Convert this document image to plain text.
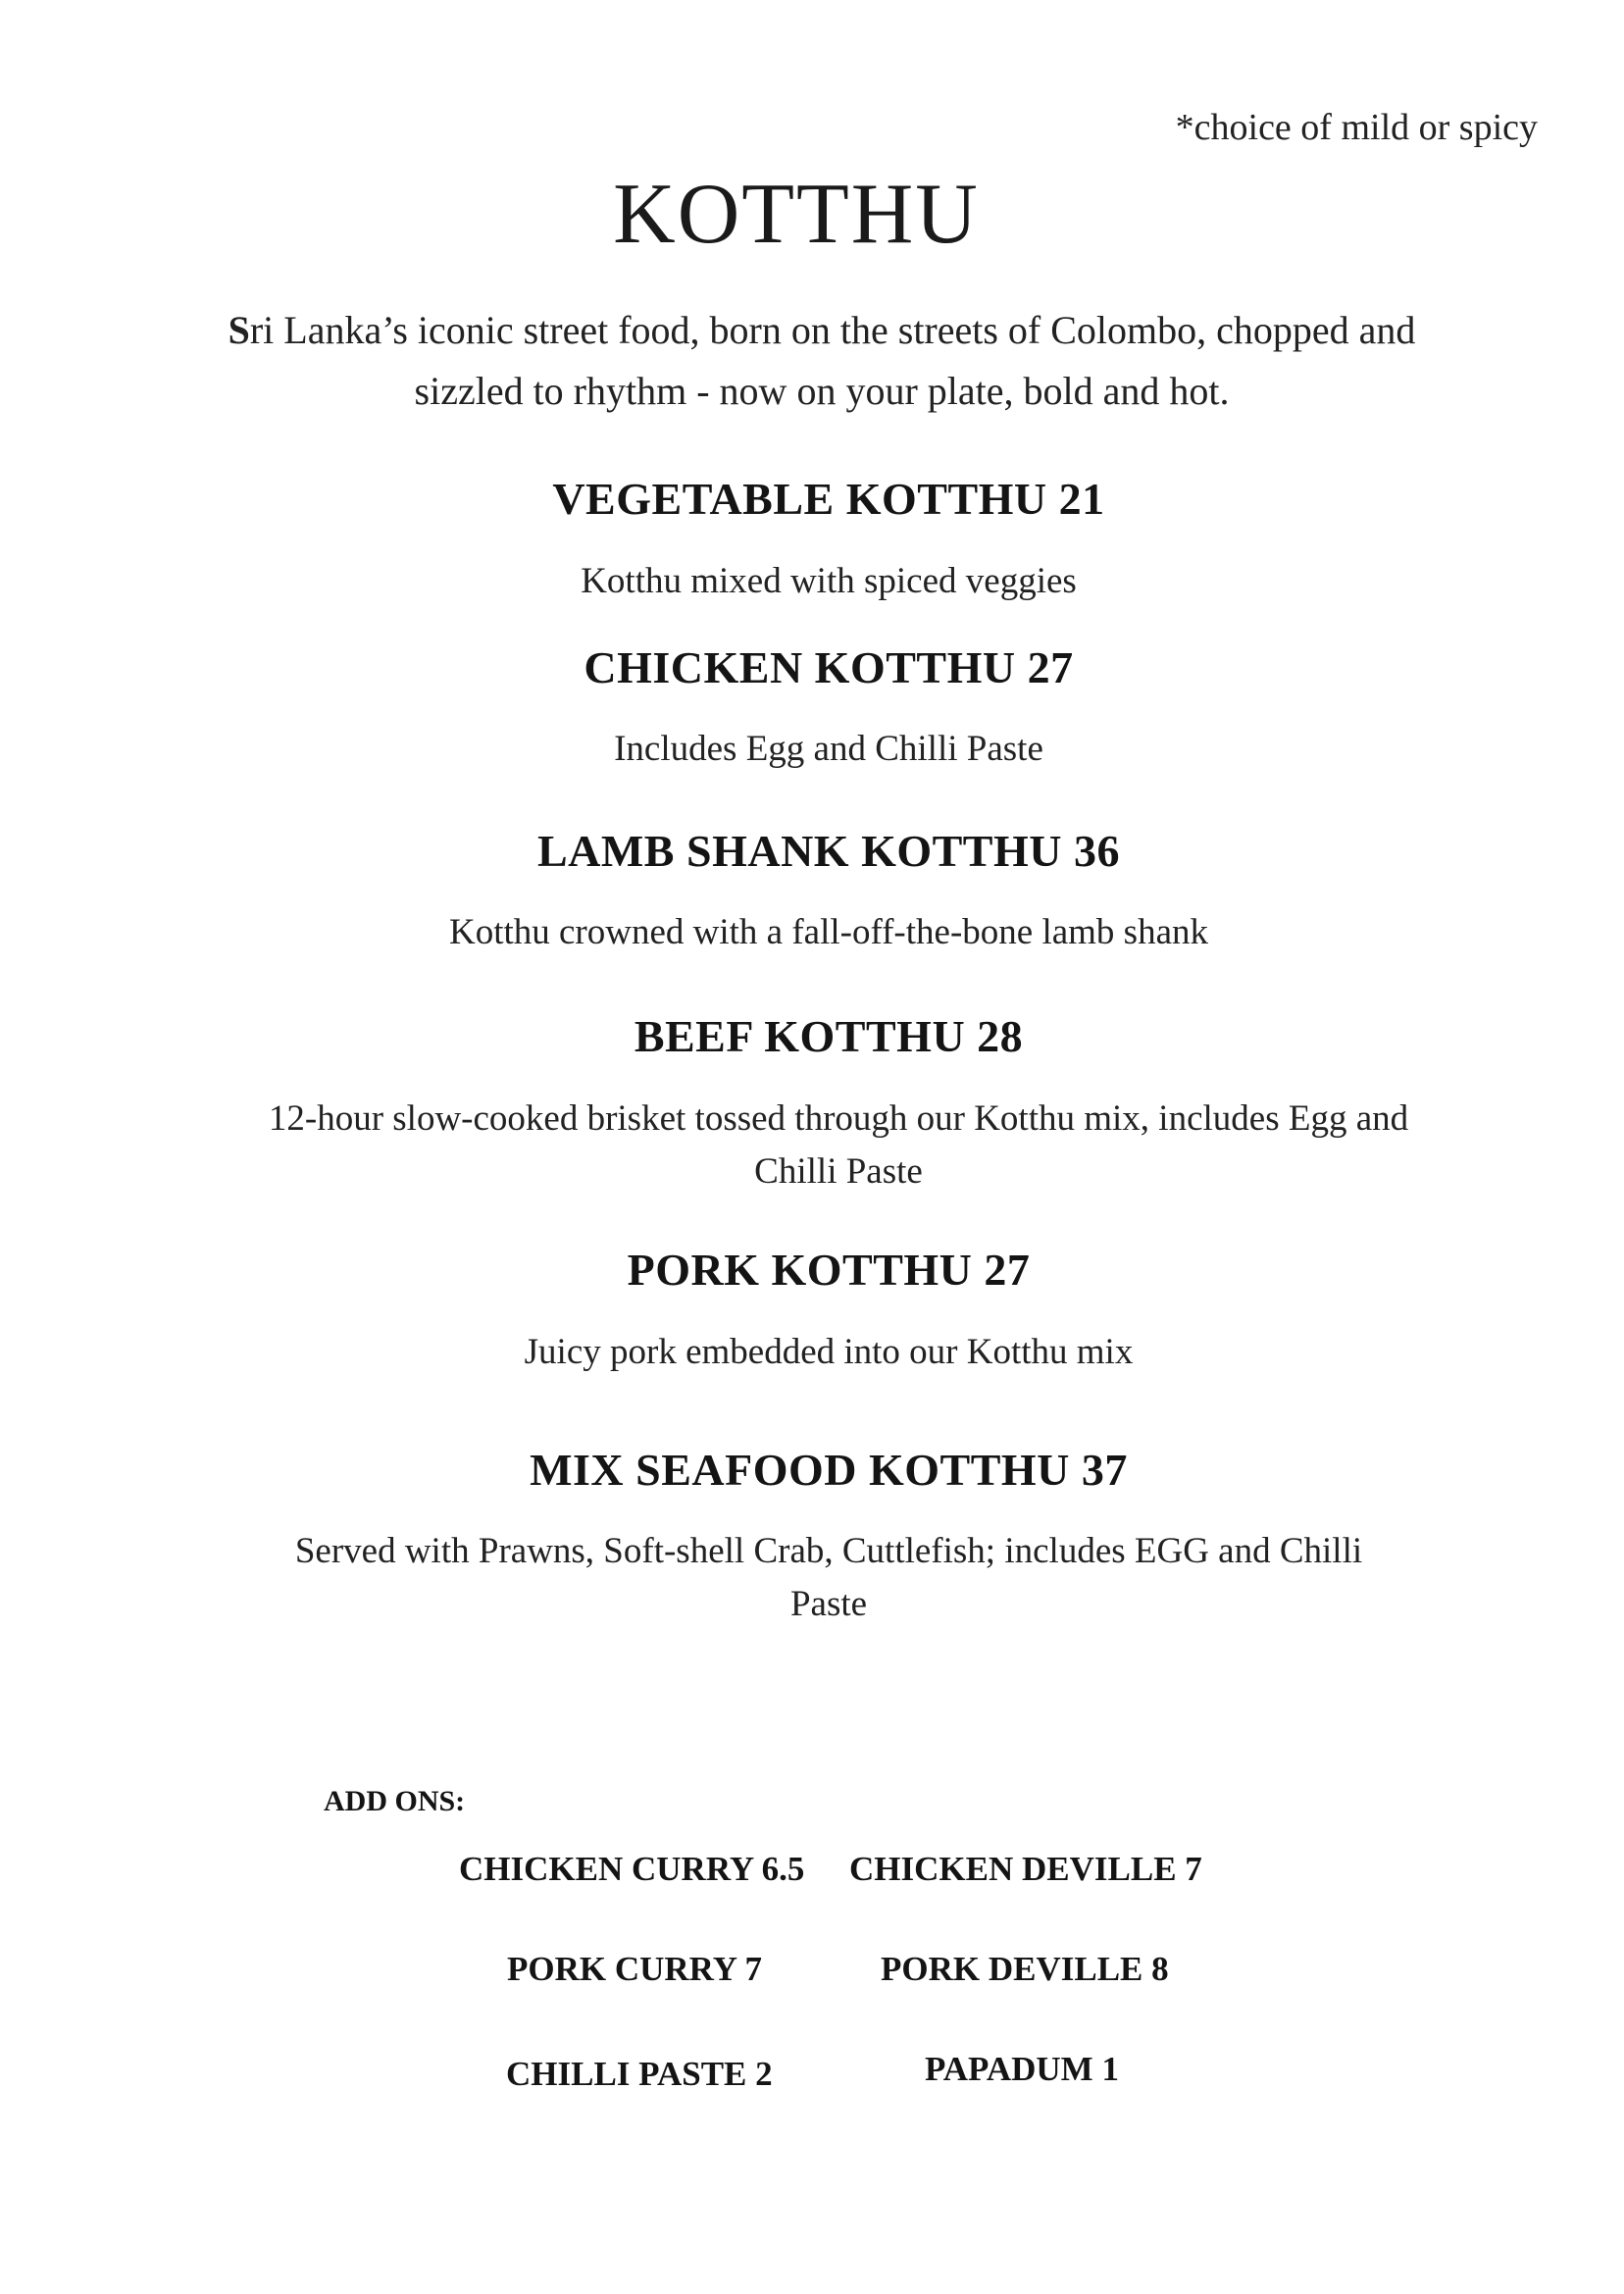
*choice of mild or spicy
KOTTHU
Sri Lanka’s iconic street food, born on the streets of Colombo, chopped and sizzled to rhythm - now on your plate, bold and hot.
VEGETABLE KOTTHU 21
Kotthu mixed with spiced veggies
CHICKEN KOTTHU 27
Includes Egg and Chilli Paste
LAMB SHANK KOTTHU 36
Kotthu crowned with a fall-off-the-bone lamb shank
BEEF KOTTHU 28
12-hour slow-cooked brisket tossed through our Kotthu mix, includes Egg and Chilli Paste
PORK KOTTHU 27
Juicy pork embedded into our Kotthu mix
MIX SEAFOOD KOTTHU 37
Served with Prawns, Soft-shell Crab, Cuttlefish; includes EGG and Chilli Paste
ADD ONS:
CHICKEN CURRY 6.5 CHICKEN DEVILLE 7
PORK CURRY 7	PORK DEVILLE 8
CHILLI PASTE 2	PAPADUM 1
